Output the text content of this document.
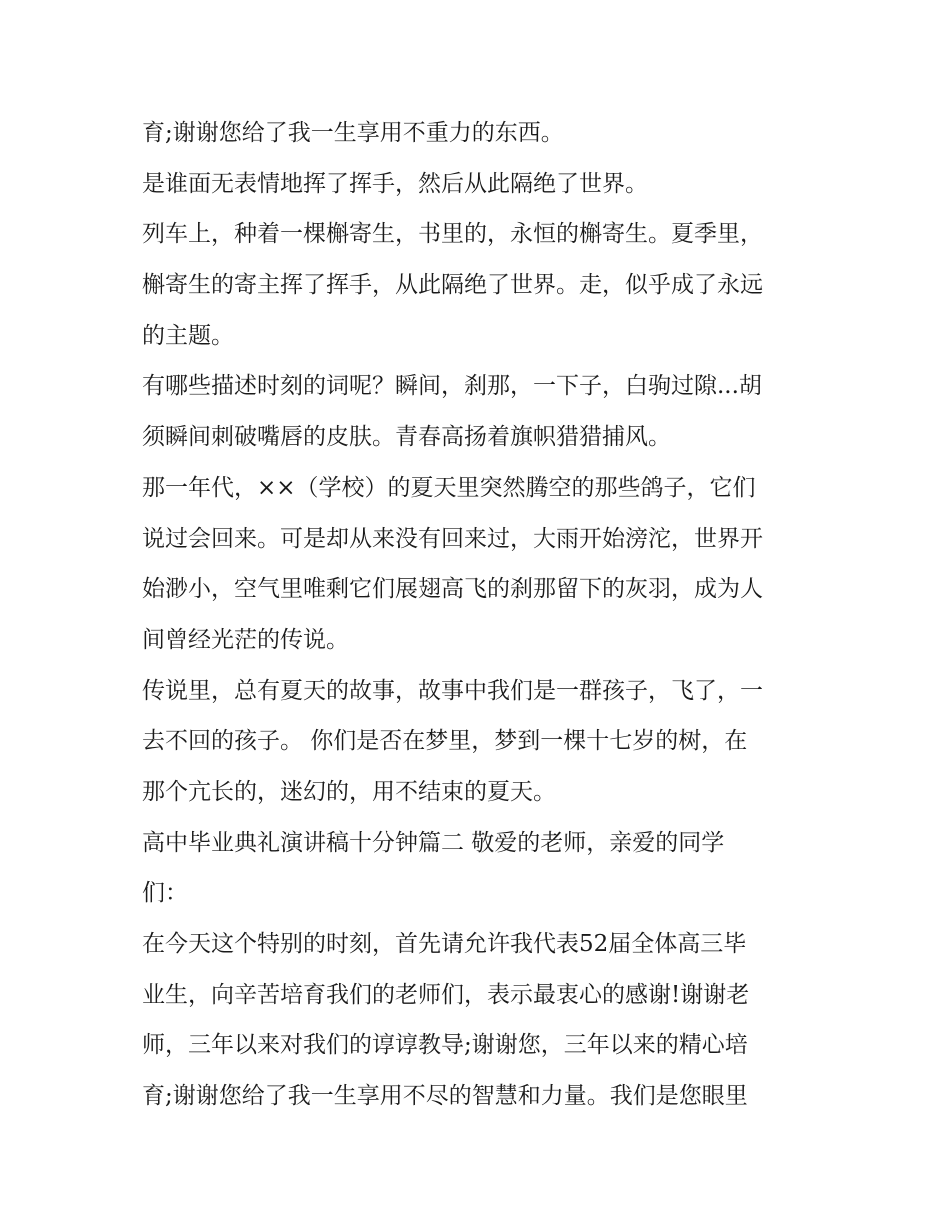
育;谢谢您给了我一生享用不重力的东西。
是谁面无表情地挥了挥手，然后从此隔绝了世界。
列车上，种着一棵槲寄生，书里的，永恒的槲寄生。夏季里，
槲寄生的寄主挥了挥手，从此隔绝了世界。走，似乎成了永远
的主题。
有哪些描述时刻的词呢？瞬间，刹那，一下子，白驹过隙...胡
须瞬间刺破嘴唇的皮肤。青春高扬着旗帜猎猎捕风。
那一年代，××（学校）的夏天里突然腾空的那些鸽子，它们
说过会回来。可是却从来没有回来过，大雨开始滂沱，世界开
始渺小，空气里唯剩它们展翅高飞的刹那留下的灰羽，成为人
间曾经光茫的传说。
传说里，总有夏天的故事，故事中我们是一群孩子，飞了，一
去不回的孩子。 你们是否在梦里，梦到一棵十七岁的树，在
那个亢长的，迷幻的，用不结束的夏天。
高中毕业典礼演讲稿十分钟篇二 敬爱的老师，亲爱的同学
们：
在今天这个特别的时刻，首先请允许我代表52届全体高三毕
业生，向辛苦培育我们的老师们，表示最衷心的感谢!谢谢老
师，三年以来对我们的谆谆教导;谢谢您，三年以来的精心培
育;谢谢您给了我一生享用不尽的智慧和力量。我们是您眼里
